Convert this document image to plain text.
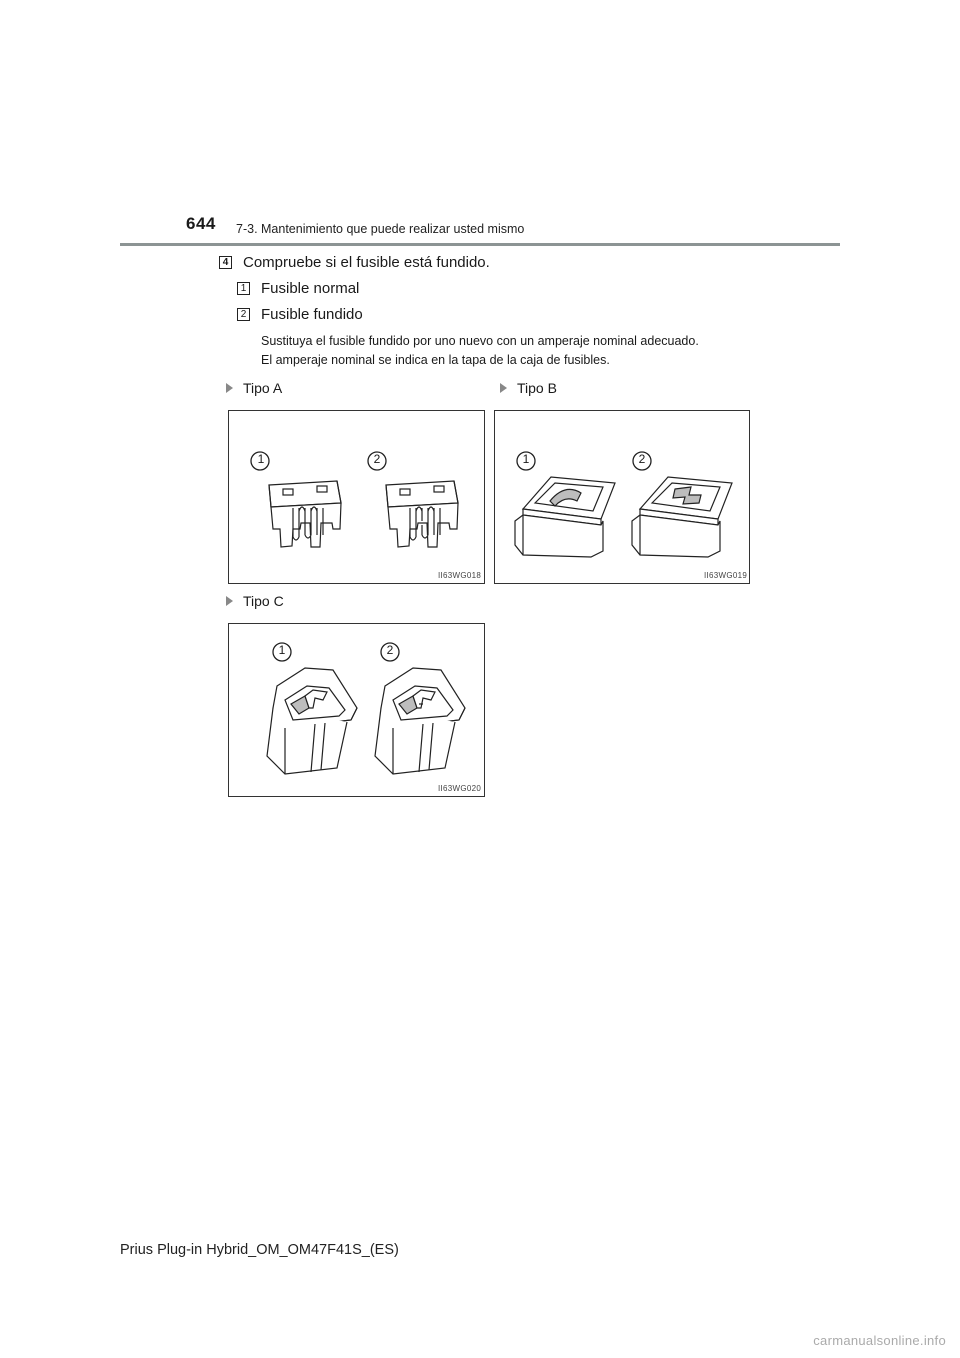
644 7-3. Mantenimiento que puede realizar usted mismo
4 Compruebe si el fusible está fundido.
1 Fusible normal
2 Fusible fundido
Sustituya el fusible fundido por uno nuevo con un amperaje nominal adecuado.
El amperaje nominal se indica en la tapa de la caja de fusibles.
Tipo A	Tipo B
1	2
II63WG018
1	2
II63WG019
Tipo C
1	2
II63WG020
Prius Plug-in Hybrid_OM_OM47F41S_(ES)
carmanualsonline.info
